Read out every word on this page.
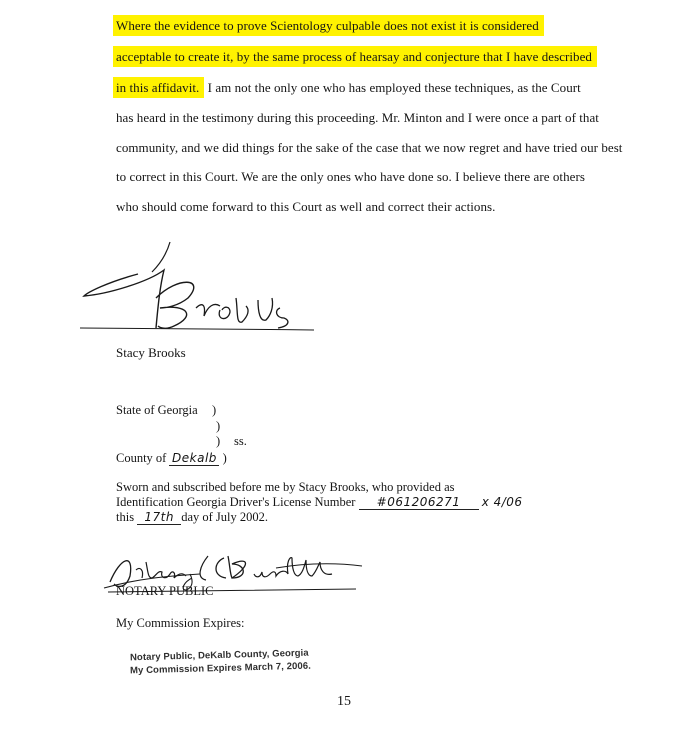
Where the evidence to prove Scientology culpable does not exist it is considered
acceptable to create it, by the same process of hearsay and conjecture that I have described
in this affidavit. I am not the only one who has employed these techniques, as the Court
has heard in the testimony during this proceeding. Mr. Minton and I were once a part of that
community, and we did things for the sake of the case that we now regret and have tried our best
to correct in this Court. We are the only ones who have done so. I believe there are others
who should come forward to this Court as well and correct their actions.
Stacy Brooks
State of Georgia )
)
) ss.
County of Dekalb )
Sworn and subscribed before me by Stacy Brooks, who provided as
Identification Georgia Driver's License Number #061206271 x 4/06
this 17th day of July 2002.
NOTARY PUBLIC
My Commission Expires:
Notary Public, DeKalb County, Georgia
My Commission Expires March 7, 2006.
15
